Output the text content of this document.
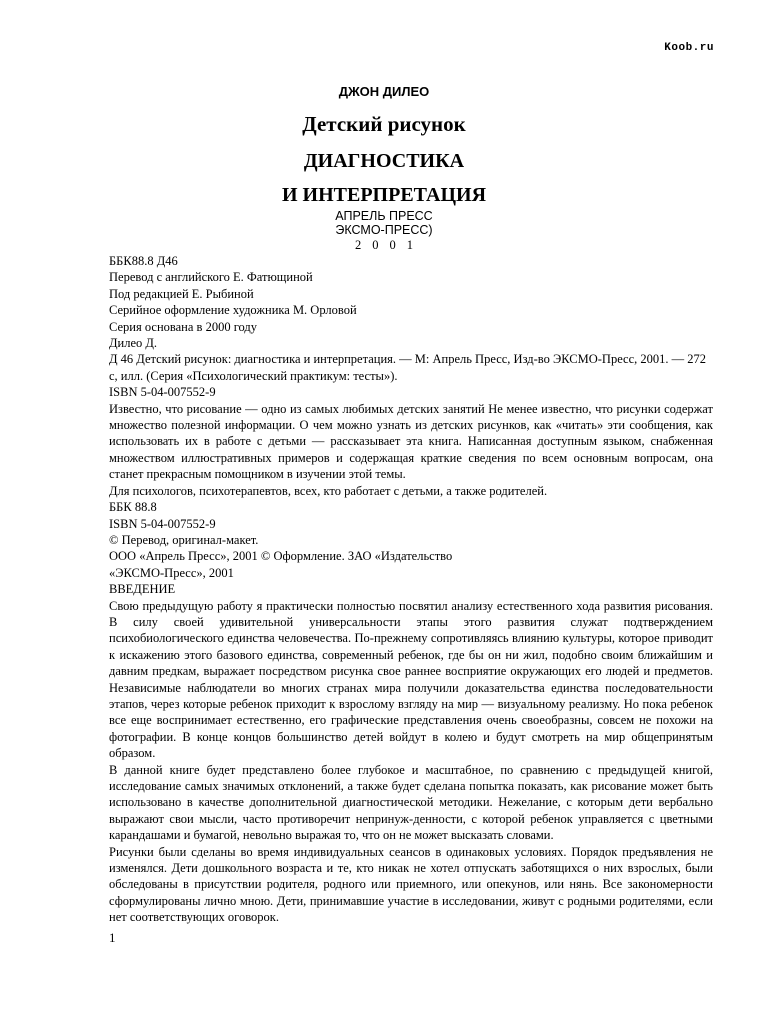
Koob.ru
ДЖОН ДИЛЕО
Детский рисунок
ДИАГНОСТИКА
И ИНТЕРПРЕТАЦИЯ
АПРЕЛЬ ПРЕСС
ЭКСМО-ПРЕСС)
2001

ББК88.8 Д46

Перевод с английского Е. Фатющиной

Под редакцией Е. Рыбиной

Серийное оформление художника М. Орловой

Серия основана в 2000 году

Дилео Д.

Д 46 Детский рисунок: диагностика и интерпретация. — М: Апрель Пресс, Изд-во ЭКСМО-Пресс, 2001. — 272 с, илл. (Серия «Психологический практикум: тесты»).

ISBN 5-04-007552-9

Известно, что рисование — одно из самых любимых детских занятий Не менее известно, что рисунки содержат множество полезной информации. О чем можно узнать из детских рисунков, как «читать» эти сообщения, как использовать их в работе с детьми — рассказывает эта книга. Написанная доступным языком, снабженная множеством иллюстративных примеров и содержащая краткие сведения по всем основным вопросам, она станет прекрасным помощником в изучении этой темы.

Для психологов, психотерапевтов, всех, кто работает с детьми, а также родителей.

ББК 88.8

ISBN 5-04-007552-9

© Перевод, оригинал-макет.

ООО «Апрель Пресс», 2001 © Оформление. ЗАО «Издательство

«ЭКСМО-Пресс», 2001

ВВЕДЕНИЕ

Свою предыдущую работу я практически полностью посвятил анализу естественного хода развития рисования. В силу своей удивительной универсальности этапы этого развития служат подтверждением психобиологического единства человечества. По-прежнему сопротивляясь влиянию культуры, которое приводит к искажению этого базового единства, современный ребенок, где бы он ни жил, подобно своим ближайшим и давним предкам, выражает посредством рисунка свое раннее восприятие окружающих его людей и предметов. Независимые наблюдатели во многих странах мира получили доказательства единства последовательности этапов, через которые ребенок приходит к взрослому взгляду на мир — визуальному реализму. Но пока ребенок все еще воспринимает естественно, его графические представления очень своеобразны, совсем не похожи на фотографии. В конце концов большинство детей войдут в колею и будут смотреть на мир общепринятым образом.

В данной книге будет представлено более глубокое и масштабное, по сравнению с предыдущей книгой, исследование самых значимых отклонений, а также будет сделана попытка показать, как рисование может быть использовано в качестве дополнительной диагностической методики. Нежелание, с которым дети вербально выражают свои мысли, часто противоречит непринуж-денности, с которой ребенок управляется с цветными карандашами и бумагой, невольно выражая то, что он не может высказать словами.

Рисунки были сделаны во время индивидуальных сеансов в одинаковых условиях. Порядок предъявления не изменялся. Дети дошкольного возраста и те, кто никак не хотел отпускать заботящихся о них взрослых, были обследованы в присутствии родителя, родного или приемного, или опекунов, или нянь. Все закономерности сформулированы лично мною. Дети, принимавшие участие в исследовании, живут с родными родителями, если нет соответствующих оговорок.

1
